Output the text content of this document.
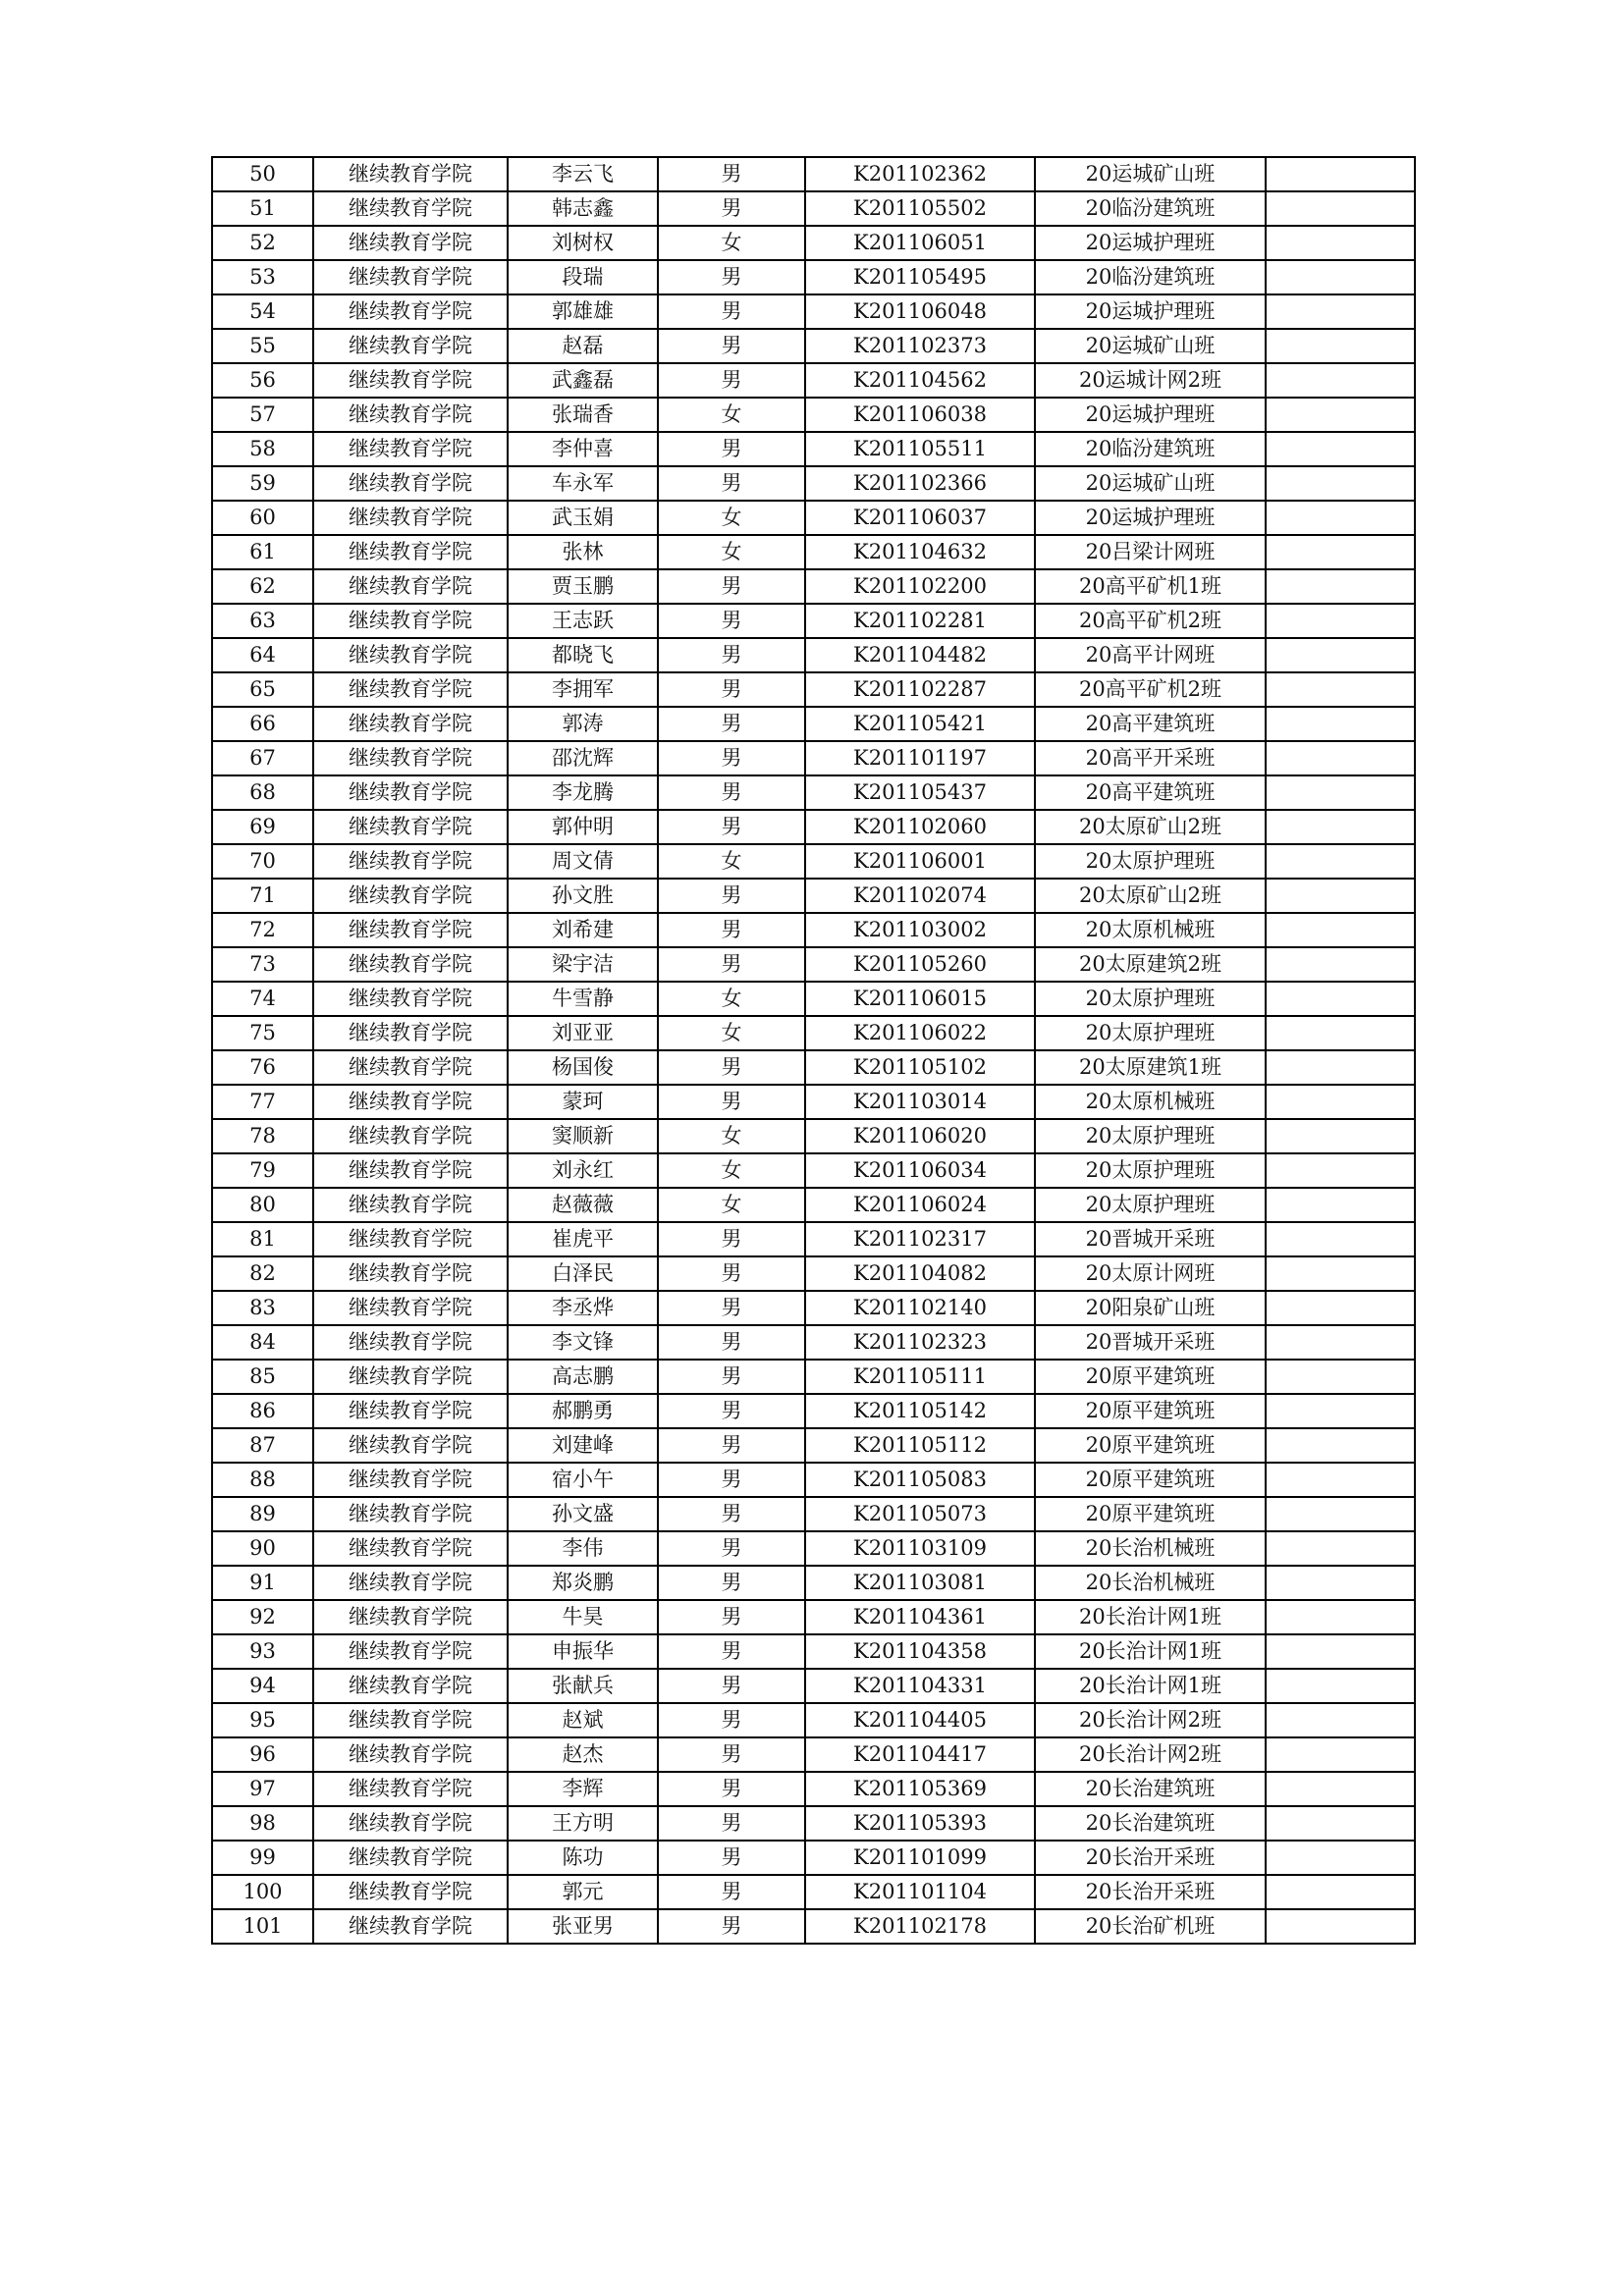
50	继续教育学院	李云飞	男	K201102362	20运城矿山班	
51	继续教育学院	韩志鑫	男	K201105502	20临汾建筑班	
52	继续教育学院	刘树权	女	K201106051	20运城护理班	
53	继续教育学院	段瑞	男	K201105495	20临汾建筑班	
54	继续教育学院	郭雄雄	男	K201106048	20运城护理班	
55	继续教育学院	赵磊	男	K201102373	20运城矿山班	
56	继续教育学院	武鑫磊	男	K201104562	20运城计网2班	
57	继续教育学院	张瑞香	女	K201106038	20运城护理班	
58	继续教育学院	李仲喜	男	K201105511	20临汾建筑班	
59	继续教育学院	车永军	男	K201102366	20运城矿山班	
60	继续教育学院	武玉娟	女	K201106037	20运城护理班	
61	继续教育学院	张林	女	K201104632	20吕梁计网班	
62	继续教育学院	贾玉鹏	男	K201102200	20高平矿机1班	
63	继续教育学院	王志跃	男	K201102281	20高平矿机2班	
64	继续教育学院	都晓飞	男	K201104482	20高平计网班	
65	继续教育学院	李拥军	男	K201102287	20高平矿机2班	
66	继续教育学院	郭涛	男	K201105421	20高平建筑班	
67	继续教育学院	邵沈辉	男	K201101197	20高平开采班	
68	继续教育学院	李龙腾	男	K201105437	20高平建筑班	
69	继续教育学院	郭仲明	男	K201102060	20太原矿山2班	
70	继续教育学院	周文倩	女	K201106001	20太原护理班	
71	继续教育学院	孙文胜	男	K201102074	20太原矿山2班	
72	继续教育学院	刘希建	男	K201103002	20太原机械班	
73	继续教育学院	梁宇洁	男	K201105260	20太原建筑2班	
74	继续教育学院	牛雪静	女	K201106015	20太原护理班	
75	继续教育学院	刘亚亚	女	K201106022	20太原护理班	
76	继续教育学院	杨国俊	男	K201105102	20太原建筑1班	
77	继续教育学院	蒙珂	男	K201103014	20太原机械班	
78	继续教育学院	窦顺新	女	K201106020	20太原护理班	
79	继续教育学院	刘永红	女	K201106034	20太原护理班	
80	继续教育学院	赵薇薇	女	K201106024	20太原护理班	
81	继续教育学院	崔虎平	男	K201102317	20晋城开采班	
82	继续教育学院	白泽民	男	K201104082	20太原计网班	
83	继续教育学院	李丞烨	男	K201102140	20阳泉矿山班	
84	继续教育学院	李文锋	男	K201102323	20晋城开采班	
85	继续教育学院	高志鹏	男	K201105111	20原平建筑班	
86	继续教育学院	郝鹏勇	男	K201105142	20原平建筑班	
87	继续教育学院	刘建峰	男	K201105112	20原平建筑班	
88	继续教育学院	宿小午	男	K201105083	20原平建筑班	
89	继续教育学院	孙文盛	男	K201105073	20原平建筑班	
90	继续教育学院	李伟	男	K201103109	20长治机械班	
91	继续教育学院	郑炎鹏	男	K201103081	20长治机械班	
92	继续教育学院	牛昊	男	K201104361	20长治计网1班	
93	继续教育学院	申振华	男	K201104358	20长治计网1班	
94	继续教育学院	张献兵	男	K201104331	20长治计网1班	
95	继续教育学院	赵斌	男	K201104405	20长治计网2班	
96	继续教育学院	赵杰	男	K201104417	20长治计网2班	
97	继续教育学院	李辉	男	K201105369	20长治建筑班	
98	继续教育学院	王方明	男	K201105393	20长治建筑班	
99	继续教育学院	陈功	男	K201101099	20长治开采班	
100	继续教育学院	郭元	男	K201101104	20长治开采班	
101	继续教育学院	张亚男	男	K201102178	20长治矿机班	
